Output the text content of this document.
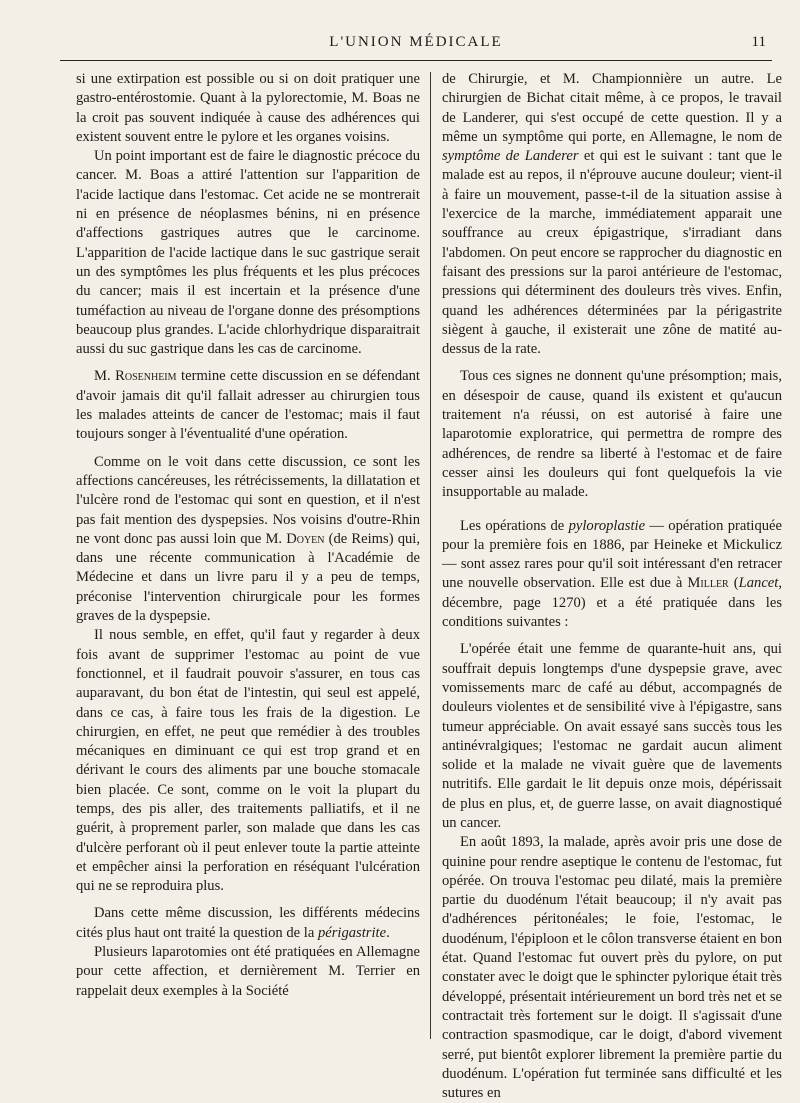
L'UNION MÉDICALE	11

si une extirpation est possible ou si on doit pratiquer une gastro-entérostomie. Quant à la pylorectomie, M. Boas ne la croit pas souvent indiquée à cause des adhérences qui existent souvent entre le pylore et les organes voisins.

Un point important est de faire le diagnostic précoce du cancer. M. Boas a attiré l'attention sur l'apparition de l'acide lactique dans l'estomac. Cet acide ne se montrerait ni en présence de néoplasmes bénins, ni en présence d'affections gastriques autres que le carcinome. L'apparition de l'acide lactique dans le suc gastrique serait un des symptômes les plus fréquents et les plus précoces du cancer; mais il est incertain et la présence d'une tuméfaction au niveau de l'organe donne des présomptions beaucoup plus grandes. L'acide chlorhydrique disparaitrait aussi du suc gastrique dans les cas de carcinome.

M. Rosenheim termine cette discussion en se défendant d'avoir jamais dit qu'il fallait adresser au chirurgien tous les malades atteints de cancer de l'estomac; mais il faut toujours songer à l'éventualité d'une opération.

Comme on le voit dans cette discussion, ce sont les affections cancéreuses, les rétrécissements, la dillatation et l'ulcère rond de l'estomac qui sont en question, et il n'est pas fait mention des dyspepsies. Nos voisins d'outre-Rhin ne vont donc pas aussi loin que M. Doyen (de Reims) qui, dans une récente communication à l'Académie de Médecine et dans un livre paru il y a peu de temps, préconise l'intervention chirurgicale pour les formes graves de la dyspepsie.

Il nous semble, en effet, qu'il faut y regarder à deux fois avant de supprimer l'estomac au point de vue fonctionnel, et il faudrait pouvoir s'assurer, en tous cas auparavant, du bon état de l'intestin, qui seul est appelé, dans ce cas, à faire tous les frais de la digestion. Le chirurgien, en effet, ne peut que remédier à des troubles mécaniques en diminuant ce qui est trop grand et en dérivant le cours des aliments par une bouche stomacale bien placée. Ce sont, comme on le voit la plupart du temps, des pis aller, des traitements palliatifs, et il ne guérit, à proprement parler, son malade que dans les cas d'ulcère perforant où il peut enlever toute la partie atteinte et empêcher ainsi la perforation en réséquant l'ulcération qui ne se reproduira plus.

Dans cette même discussion, les différents médecins cités plus haut ont traité la question de la périgastrite.

Plusieurs laparotomies ont été pratiquées en Allemagne pour cette affection, et dernièrement M. Terrier en rappelait deux exemples à la Société

de Chirurgie, et M. Championnière un autre. Le chirurgien de Bichat citait même, à ce propos, le travail de Landerer, qui s'est occupé de cette question. Il y a même un symptôme qui porte, en Allemagne, le nom de symptôme de Landerer et qui est le suivant : tant que le malade est au repos, il n'éprouve aucune douleur; vient-il à faire un mouvement, passe-t-il de la situation assise à l'exercice de la marche, immédiatement apparait une souffrance au creux épigastrique, s'irradiant dans l'abdomen. On peut encore se rapprocher du diagnostic en faisant des pressions sur la paroi antérieure de l'estomac, pressions qui déterminent des douleurs très vives. Enfin, quand les adhérences déterminées par la périgastrite siègent à gauche, il existerait une zône de matité au-dessus de la rate.

Tous ces signes ne donnent qu'une présomption; mais, en désespoir de cause, quand ils existent et qu'aucun traitement n'a réussi, on est autorisé à faire une laparotomie exploratrice, qui permettra de rompre des adhérences, de rendre sa liberté à l'estomac et de faire cesser ainsi les douleurs qui font quelquefois la vie insupportable au malade.

Les opérations de pyloroplastie — opération pratiquée pour la première fois en 1886, par Heineke et Mickulicz — sont assez rares pour qu'il soit intéressant d'en retracer une nouvelle observation. Elle est due à Miller (Lancet, décembre, page 1270) et a été pratiquée dans les conditions suivantes :

L'opérée était une femme de quarante-huit ans, qui souffrait depuis longtemps d'une dyspepsie grave, avec vomissements marc de café au début, accompagnés de douleurs violentes et de sensibilité vive à l'épigastre, sans tumeur appréciable. On avait essayé sans succès tous les antinévralgiques; l'estomac ne gardait aucun aliment solide et la malade ne vivait guère que de lavements nutritifs. Elle gardait le lit depuis onze mois, dépérissait de plus en plus, et, de guerre lasse, on avait diagnostiqué un cancer.

En août 1893, la malade, après avoir pris une dose de quinine pour rendre aseptique le contenu de l'estomac, fut opérée. On trouva l'estomac peu dilaté, mais la première partie du duodénum l'était beaucoup; il n'y avait pas d'adhérences péritonéales; le foie, l'estomac, le duodénum, l'épiploon et le côlon transverse étaient en bon état. Quand l'estomac fut ouvert près du pylore, on put constater avec le doigt que le sphincter pylorique était très développé, présentait intérieurement un bord très net et se contractait très fortement sur le doigt. Il s'agissait d'une contraction spasmodique, car le doigt, d'abord vivement serré, put bientôt explorer librement la première partie du duodénum. L'opération fut terminée sans difficulté et les sutures en
